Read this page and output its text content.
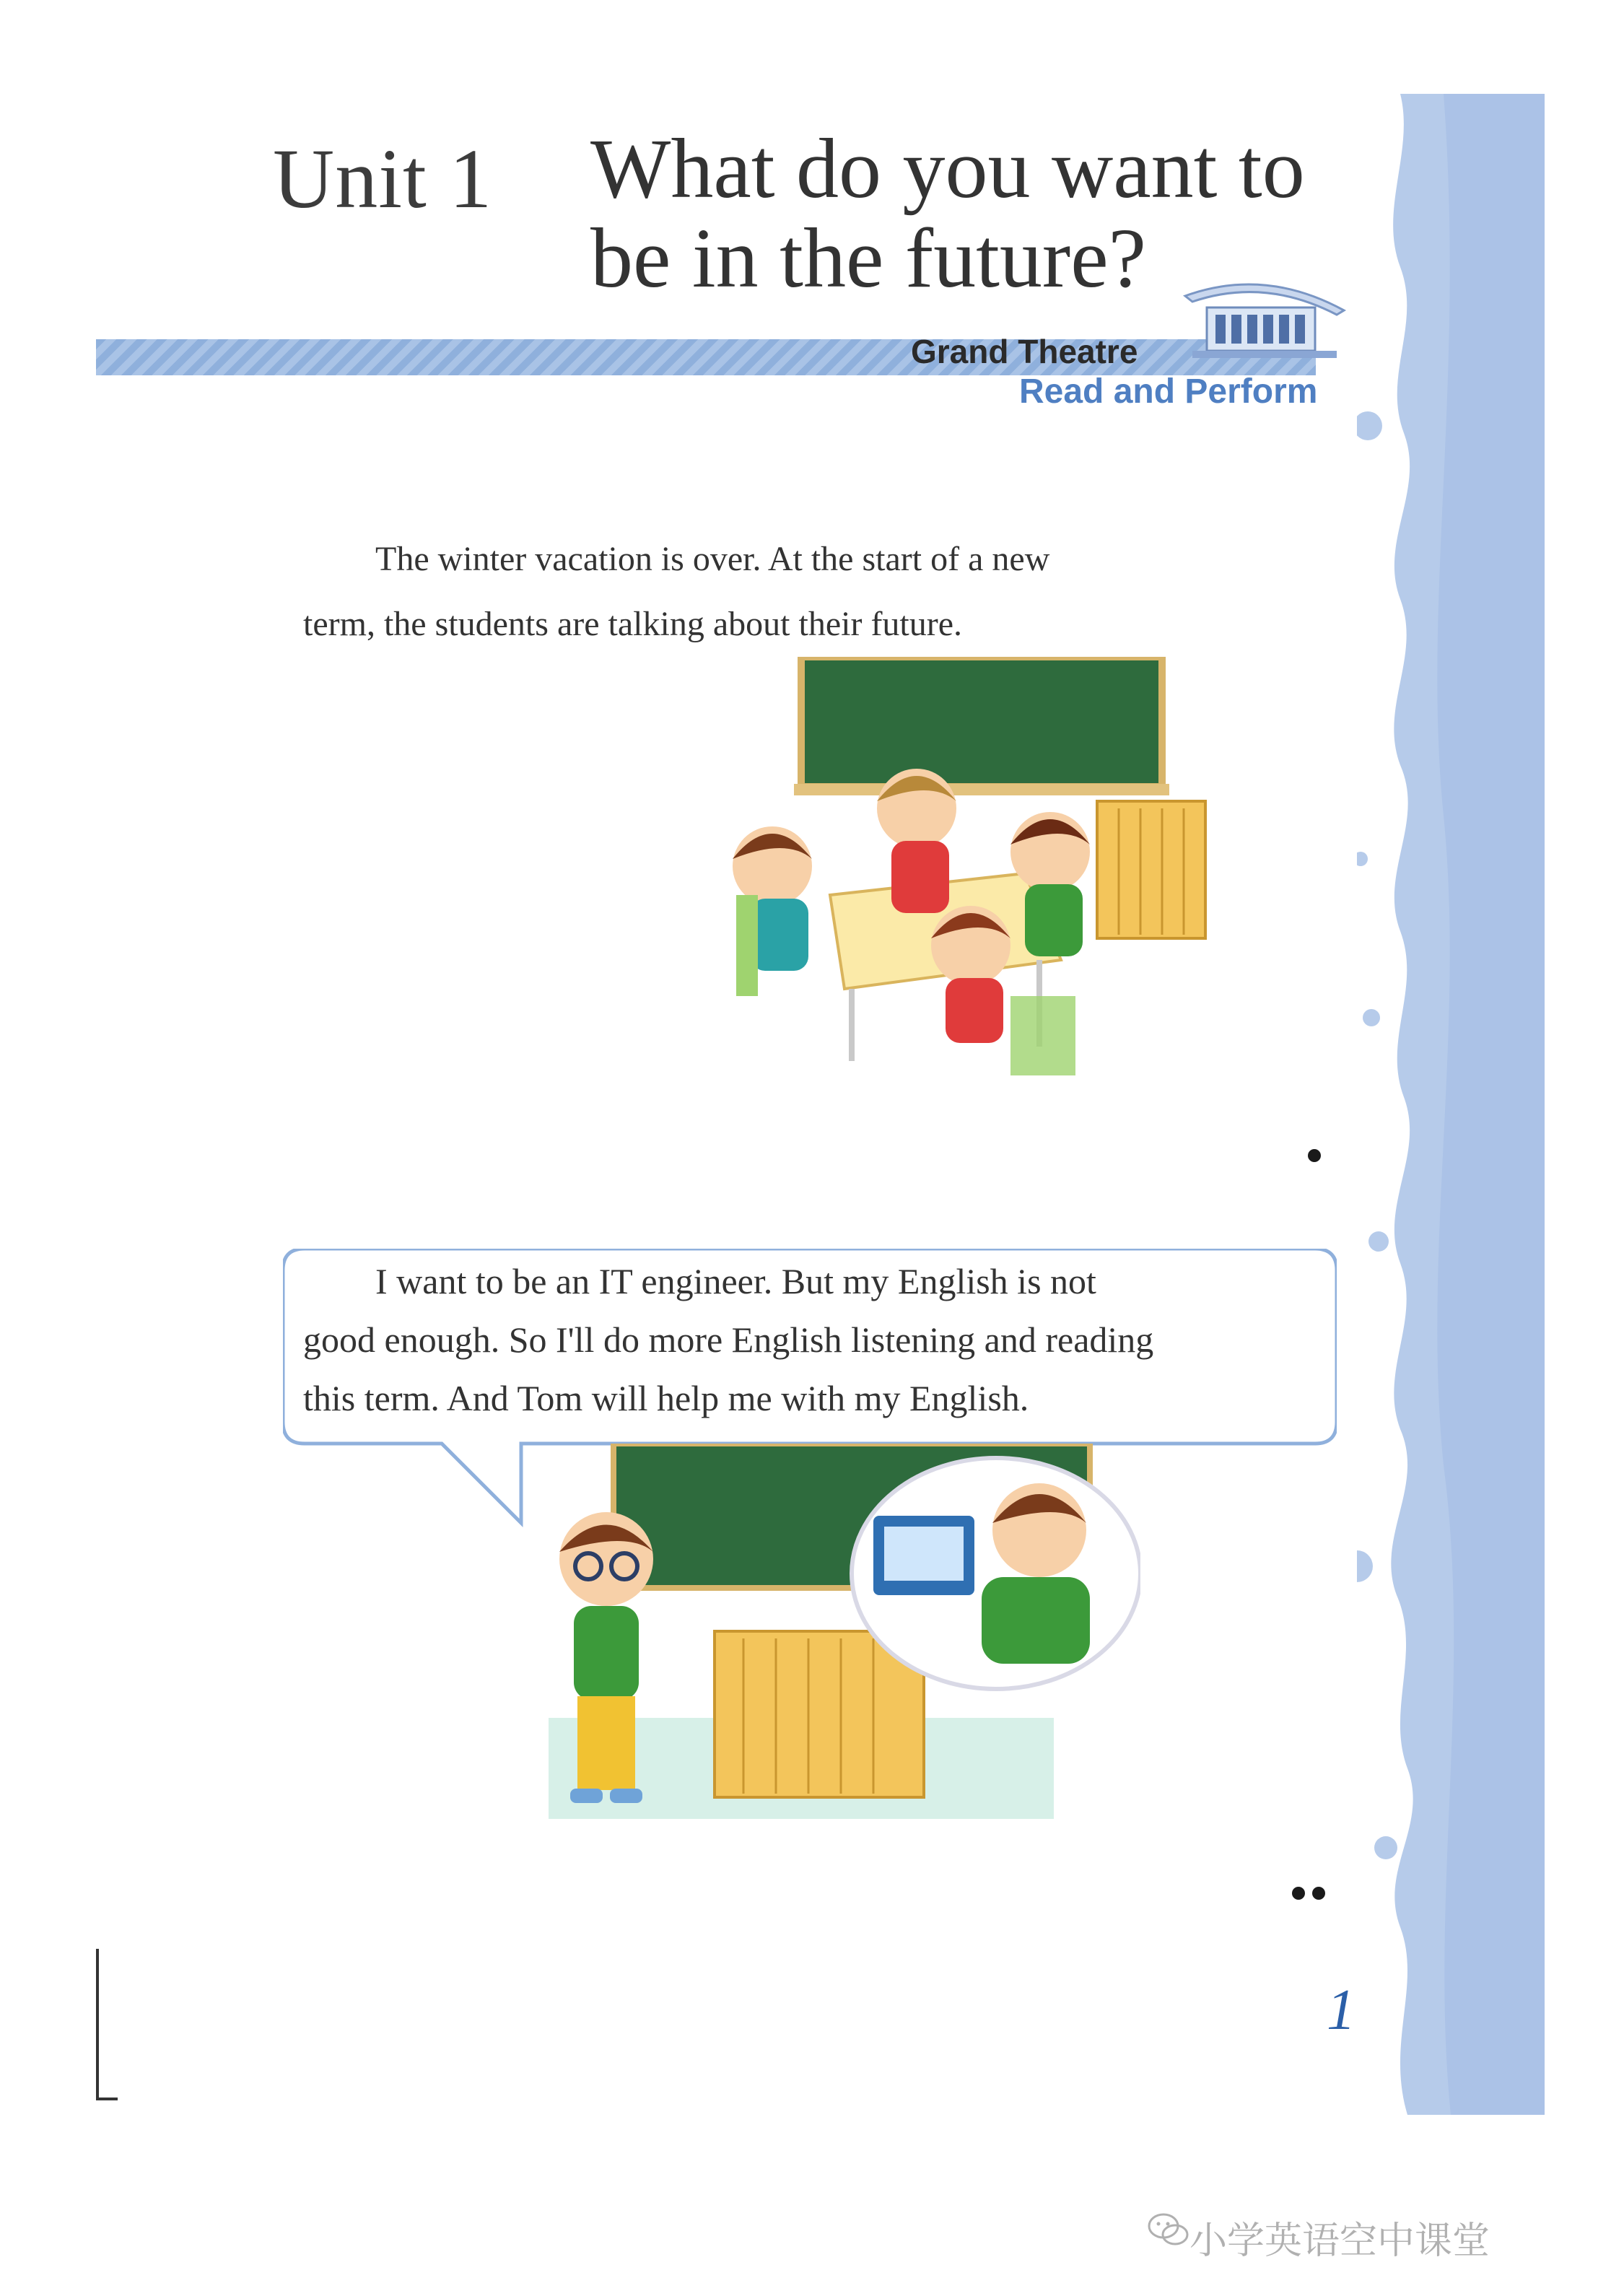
Unit 1 What do you want to
be in the future?
Grand Theatre
Read and Perform
The winter vacation is over. At the start of a new
term, the students are talking about their future.
I want to be an IT engineer. But my English is not
good enough. So I'll do more English listening and reading
this term. And Tom will help me with my English.
1
小学英语空中课堂
